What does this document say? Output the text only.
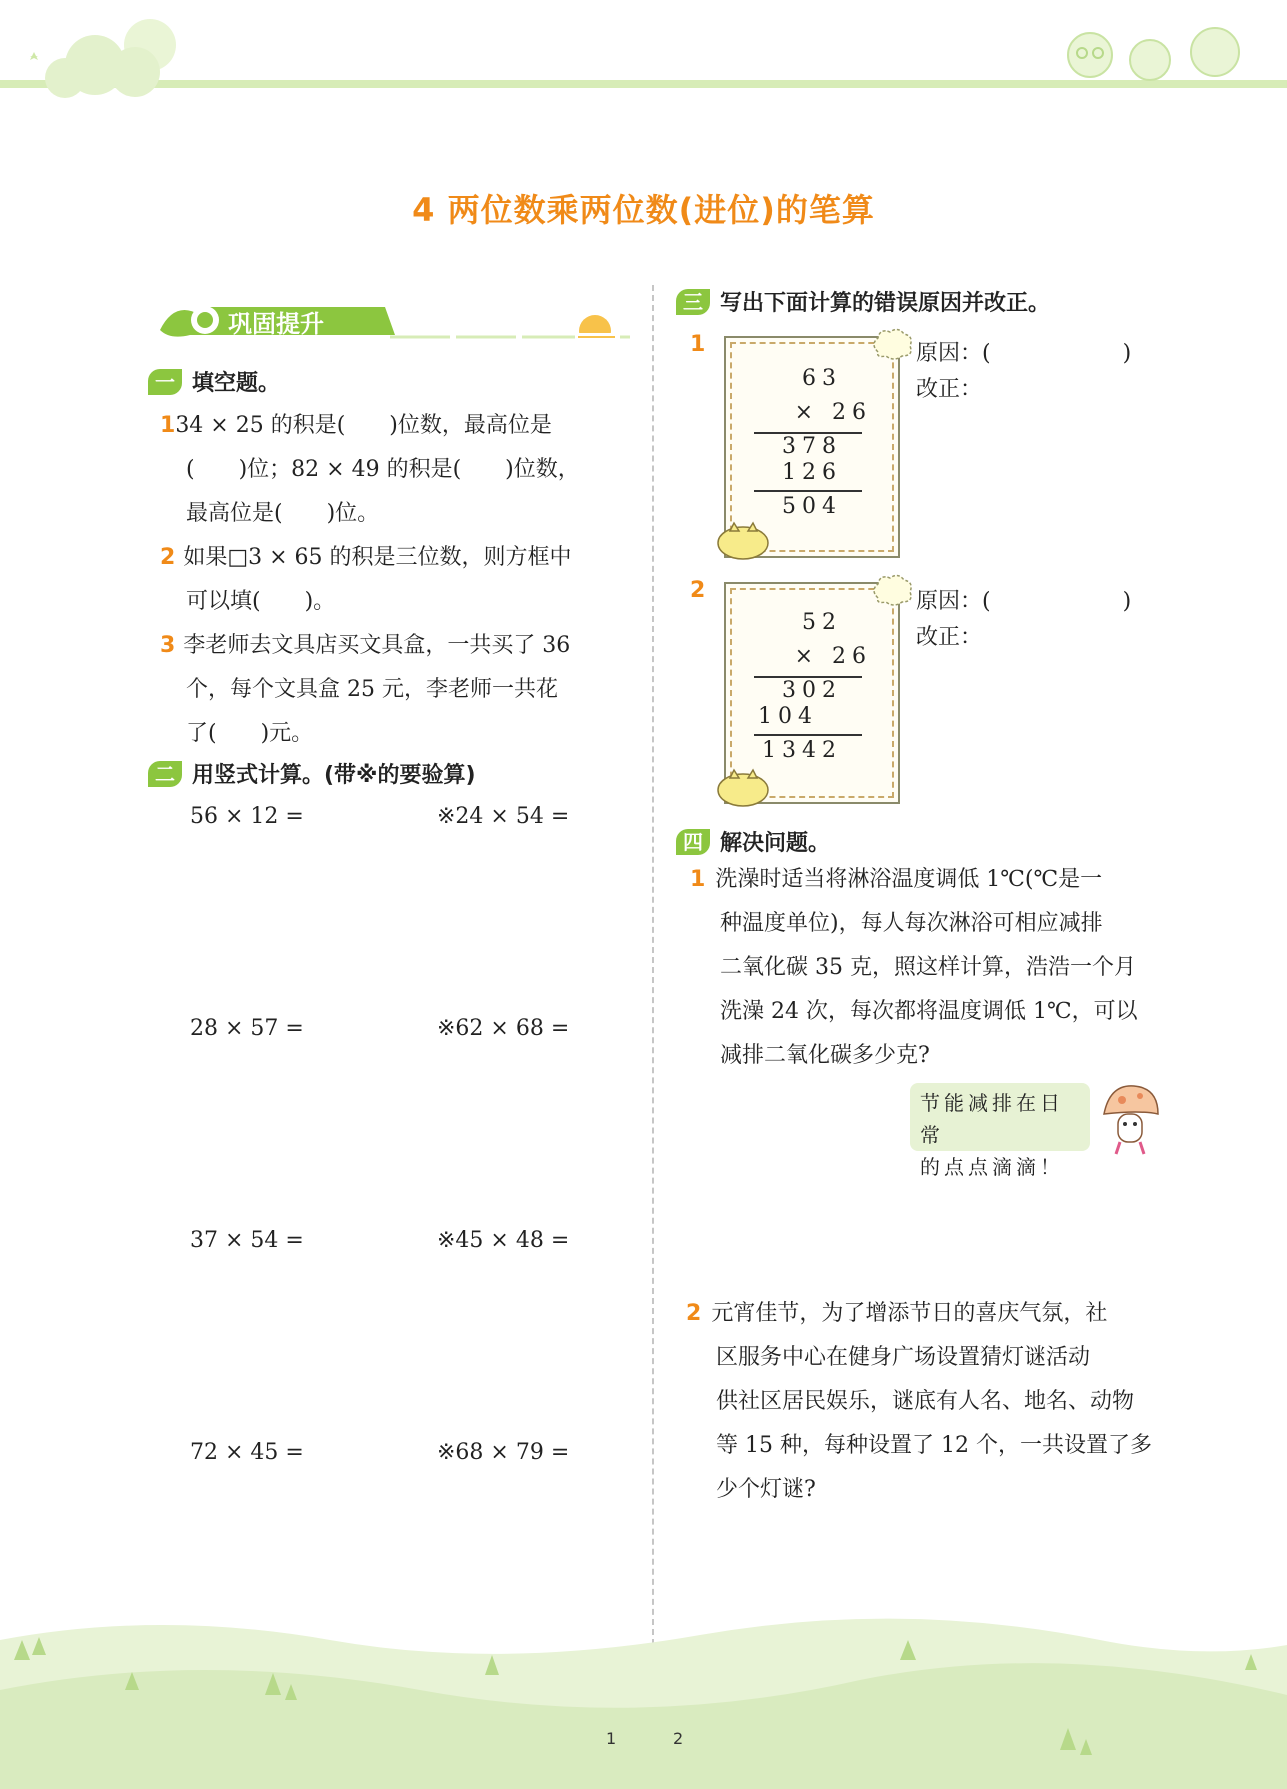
4 两位数乘两位数(进位)的笔算
巩固提升
一 填空题。
134 × 25 的积是(　　)位数，最高位是
(　　)位；82 × 49 的积是(　　)位数，
最高位是(　　)位。
2 如果□3 × 65 的积是三位数，则方框中
可以填(　　)。
3 李老师去文具店买文具盒，一共买了 36
个，每个文具盒 25 元，李老师一共花
了(　　)元。
二 用竖式计算。(带※的要验算)
56 × 12 =	※24 × 54 =
28 × 57 =	※62 × 68 =
37 × 54 =	※45 × 48 =
72 × 45 =	※68 × 79 =
三 写出下面计算的错误原因并改正。
1
63
× 26
378
126
504
原因：(　　　　　　)
改正：
2
52
× 26
302
104
1342
原因：(　　　　　　)
改正：
四 解决问题。
1 洗澡时适当将淋浴温度调低 1℃(℃是一
种温度单位)，每人每次淋浴可相应减排
二氧化碳 35 克，照这样计算，浩浩一个月
洗澡 24 次，每次都将温度调低 1℃，可以
减排二氧化碳多少克?
节能减排在日常
的点点滴滴！
2 元宵佳节，为了增添节日的喜庆气氛，社
区服务中心在健身广场设置猜灯谜活动
供社区居民娱乐，谜底有人名、地名、动物
等 15 种，每种设置了 12 个，一共设置了多
少个灯谜?
1	2
